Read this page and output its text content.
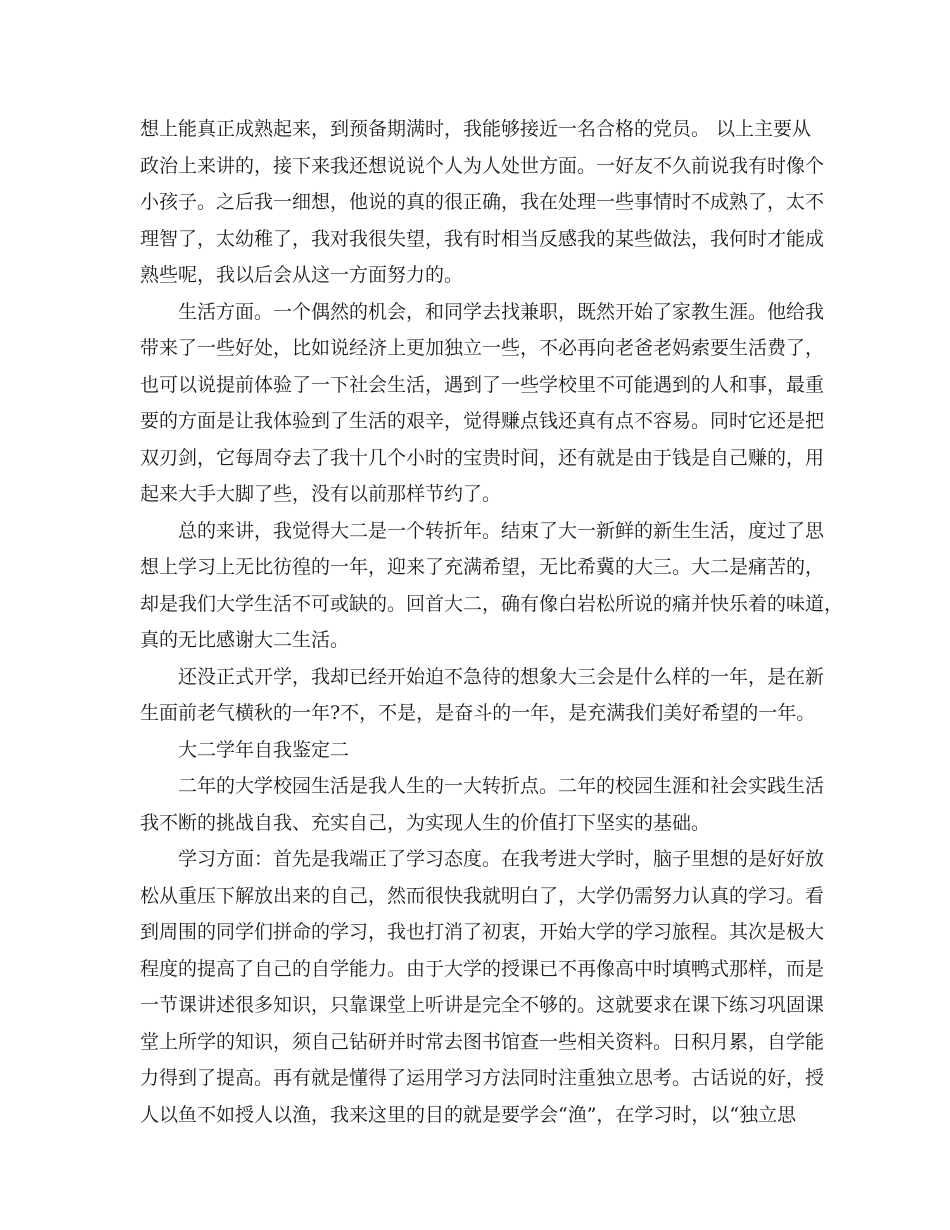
想上能真正成熟起来，到预备期满时，我能够接近一名合格的党员。 以上主要从
政治上来讲的，接下来我还想说说个人为人处世方面。一好友不久前说我有时像个
小孩子。之后我一细想，他说的真的很正确，我在处理一些事情时不成熟了，太不
理智了，太幼稚了，我对我很失望，我有时相当反感我的某些做法，我何时才能成
熟些呢，我以后会从这一方面努力的。
生活方面。一个偶然的机会，和同学去找兼职，既然开始了家教生涯。他给我
带来了一些好处，比如说经济上更加独立一些，不必再向老爸老妈索要生活费了，
也可以说提前体验了一下社会生活，遇到了一些学校里不可能遇到的人和事，最重
要的方面是让我体验到了生活的艰辛，觉得赚点钱还真有点不容易。同时它还是把
双刃剑，它每周夺去了我十几个小时的宝贵时间，还有就是由于钱是自己赚的，用
起来大手大脚了些，没有以前那样节约了。
总的来讲，我觉得大二是一个转折年。结束了大一新鲜的新生生活，度过了思
想上学习上无比彷徨的一年，迎来了充满希望，无比希冀的大三。大二是痛苦的，
却是我们大学生活不可或缺的。回首大二，确有像白岩松所说的痛并快乐着的味道，
真的无比感谢大二生活。
还没正式开学，我却已经开始迫不急待的想象大三会是什么样的一年，是在新
生面前老气横秋的一年?不，不是，是奋斗的一年，是充满我们美好希望的一年。
大二学年自我鉴定二
二年的大学校园生活是我人生的一大转折点。二年的校园生涯和社会实践生活
我不断的挑战自我、充实自己，为实现人生的价值打下坚实的基础。
学习方面：首先是我端正了学习态度。在我考进大学时，脑子里想的是好好放
松从重压下解放出来的自己，然而很快我就明白了，大学仍需努力认真的学习。看
到周围的同学们拼命的学习，我也打消了初衷，开始大学的学习旅程。其次是极大
程度的提高了自己的自学能力。由于大学的授课已不再像高中时填鸭式那样，而是
一节课讲述很多知识，只靠课堂上听讲是完全不够的。这就要求在课下练习巩固课
堂上所学的知识，须自己钻研并时常去图书馆查一些相关资料。日积月累，自学能
力得到了提高。再有就是懂得了运用学习方法同时注重独立思考。古话说的好，授
人以鱼不如授人以渔，我来这里的目的就是要学会“渔”，在学习时，以“独立思
